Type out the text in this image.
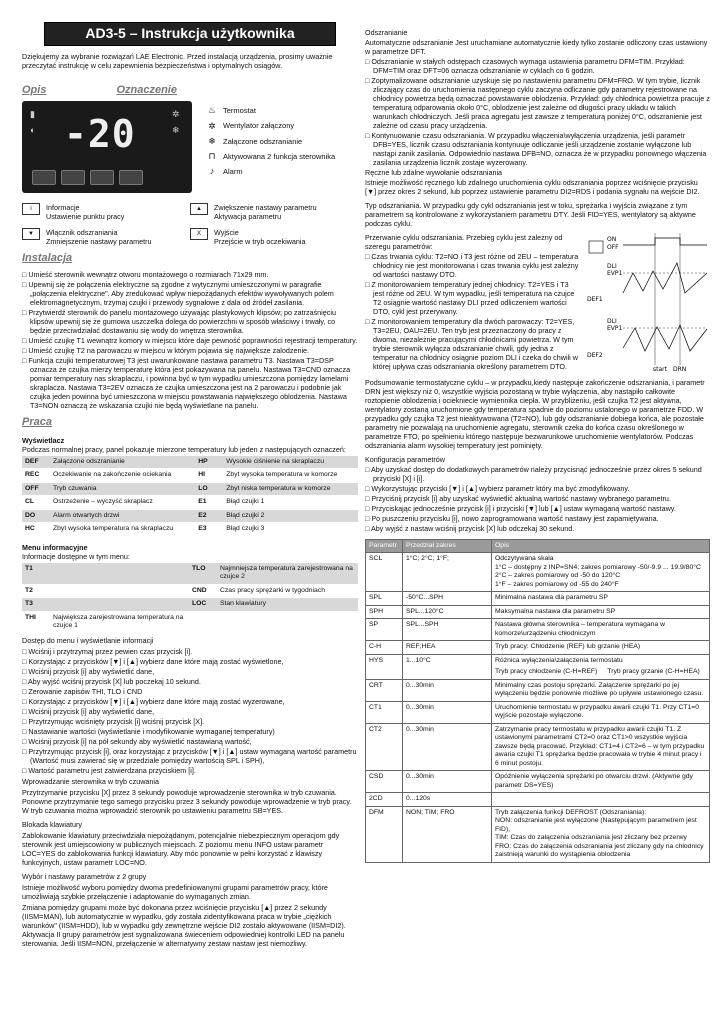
AD3-5 – Instrukcja użytkownika
Dziękujemy za wybranie rozwiązań LAE Electronic. Przed instalacją urządzenia, prosimy uważnie przeczytać instrukcję w celu zapewnienia bezpieczeństwa i optymalnych osiągów.
Opis	Oznaczenie
▮
◐
✲
❄
-20
♨ Termostat
✲ Wentylator załączony
❄ Załączone odszranianie
⊓ Aktywowana 2 funkcja sterownika
♪	Alarm
i	Informacje
Ustawienie punktu pracy
▲	Zwiększenie nastawy parametru
Aktywacja parametru
▼	Włącznik odszraniania
Zmniejszenie nastawy parametru
X	Wyjście
Przejście w tryb oczekiwania
Instalacja
□ Umieść sterownik wewnątrz otworu montażowego o rozmiarach 71x29 mm.
□ Upewnij się że połączenia elektryczne są zgodne z wytycznymi umieszczonymi w paragrafie „połączenia elektryczne". Aby zredukować wpływ niepożądanych efektów wywoływanych polem elektromagnetycznym, trzymaj czujki i przewody sygnałowe z dala od źródeł zasilania.
□ Przytwierdź sterownik do panelu montażowego używając plastykowych klipsów; po zatrzaśnięciu klipsów upewnij się że gumowa uszczelka dolega do powierzchni w sposób właściwy i trwały, co będzie przeciwdziałać dostawaniu się wody do wnętrza sterownika.
□ Umieść czujkę T1 wewnątrz komory w miejscu które daje pewność poprawności rejestracji temperatury.
□ Umieść czujkę T2 na parowaczu w miejscu w którym pojawia się największe zalodzenie.
□ Funkcja czujki temperaturowej T3 jest uwarunkowane nastawa parametru T3. Nastawa T3=DSP oznacza że czujka mierzy temperaturę która jest pokazywana na panelu. Nastawa T3=CND oznacza pomiar temperatury nas skraplaczu, i powinna być w tym wypadku umieszczona pomiędzy lamelami skraplacza. Nastawa T3=2EV oznacza że czujka umieszczona jest na 2 parowaczu i podobnie jak czujka jeden powinna być umieszczona w miejscu powstawania największego oblodzenia. Nastawa T3=NON oznaczą że wskazania czujki nie będą wyświetlane na panelu.
Praca
Wyświetlacz
Podczas normalnej pracy, panel pokazuje mierzone temperatury lub jeden z następujących oznaczeń:
DEF	Załączone odszranianie	HP	Wysokie ciśnienie na skraplaczu
REC	Oczekiwanie na zakończenie ociekania	HI	Zbyt wysoka temperatura w komorze
OFF	Tryb czuwania	LO	Zbyt niska temperatura w komorze
CL	Ostrzeżenie – wyczyść skraplacz	E1	Błąd czujki 1
DO	Alarm otwartych drzwi	E2	Błąd czujki 2
HC	Zbyt wysoka temperatura na skraplaczu	E3	Błąd czujki 3
Menu informacyjne
Informacje dostępne w tym menu:
T1		TLO	Najmniejsza temperatura zarejestrowana na czujce 2
T2		CND	Czas pracy sprężarki w tygodniach
T3		LOC	Stan klawiatury
THI	Największa zarejestrowana temperatura na czujce 1		
Dostęp do menu i wyświetlanie informacji
□ Wciśnij i przytrzymaj przez pewien czas przycisk [i].
□ Korzystając z przycisków [▼] i [▲] wybierz dane które mają zostać wyświetlone,
□ Wciśnij przycisk [i] aby wyświetlić dane,
□ Aby wyjść wciśnij przycisk [X] lub poczekaj 10 sekund.
□ Zerowanie zapisów THI, TLO i CND
□ Korzystając z przycisków [▼] i [▲] wybierz dane które mają zostać wyzerowane,
□ Wciśnij przycisk [i] aby wyświetlić dane,
□ Przytrzymując wciśnięty przycisk [i] wciśnij przycisk [X].
□ Nastawianie wartości (wyświetlanie i modyfikowanie wymaganej temperatury)
□ Wciśnij przycisk [i] na pół sekundy aby wyświetlić nastawianą wartość,
□ Przytrzymując przycisk [i], oraz korzystając z przycisków [▼] i [▲] ustaw wymaganą wartość parametru (Wartość musi zawierać się w przedziale pomiędzy wartością SPL i SPH),
□ Wartość parametru jest zatwierdzana przyciskiem [i].
Wprowadzanie sterownika w tryb czuwania
Przytrzymanie przycisku [X] przez 3 sekundy powoduje wprowadzenie sterownika w tryb czuwania. Ponowne przytrzymanie tego samego przycisku przez 3 sekundy powoduje wprowadzenie w tryb pracy. W tryb czuwania można wprowadzić sterownik po ustawieniu parametru SB=YES.
Blokada klawiatury
Zablokowanie klawiatury przeciwdziała niepożądanym, potencjalnie niebezpiecznym operacjom gdy sterownik jest umiejscowiony w publicznych miejscach. Z poziomu menu INFO ustaw parametr LOC=YES do zablokowania funkcji klawiatury. Aby móc ponownie w pełni korzystać z klawiszy funkcyjnych, ustaw parametr LOC=NO.
Wybór i nastawy parametrów z 2 grupy
Istnieje możliwość wyboru pomiędzy dwoma predefiniowanymi grupami parametrów pracy, które umożliwiają szybkie przełączenie i adaptowanie do wymaganych zmian.
Zmiana pomiędzy grupami może być dokonana przez wciśnięcie przycisku [▲] przez 2 sekundy (IISM=MAN), lub automatycznie w wypadku, gdy została zidentyfikowana praca w trybie „ciężkich warunków" (IISM=HDD), lub w wypadku gdy zewnętrzne wejście DI2 zostało aktywowane (IISM=DI2). Aktywacja II grupy parametrów jest sygnalizowana świeceniem odpowiedniej kontrolki LED na panelu sterowania. Jeśli IISM=NON, przełączenie w alternatywny zestaw nastaw jest niemożliwy.
Odszranianie
Automatyczne odszranianie Jest uruchamiane automatycznie kiedy tylko zostanie odliczony czas ustawiony w parametrze DFT.
□ Odszranianie w stałych odstępach czasowych wymaga ustawienia parametru DFM=TIM. Przykład: DFM=TIM oraz DFT=06 oznacza odszranianie w cyklach co 6 godzin.
□ Zoptymalizowane odszranianie uzyskuje się po nastawieniu parametru DFM=FRO. W tym trybie, licznik zliczający czas do uruchomienia następnego cyklu zaczyna odliczanie gdy parametry rejestrowane na chłodnicy powietrza będą oznaczać powstawanie oblodzenia. Przykład: gdy chłodnica powietrza pracuje z temperaturą odparowania około 0°C, oblodzenie jest zależne od długości pracy układu w takich warunkach chłodniczych. Jeśli praca agregatu jest zawsze z temperaturą poniżej 0°C, odszranienie jest zależne od czasu pracy urządzenia.
□ Kontynuowanie czasu odszraniania. W przypadku włączenia\wyłączenia urządzenia, jeśli parametr DFB=YES, licznik czasu odszraniania kontynuuje odliczanie jeśli urządzenie zostanie wyłączone lub nastąpi zanik zasilania. Odpowiednio nastawa DFB=NO, oznacza że w przypadku ponownego włączenia zasilania urządzenia licznik zostaje wyzerowany.
Ręczne lub zdalne wywołanie odszraniania
Istnieje możliwość ręcznego lub zdalnego uruchomienia cyklu odszraniania poprzez wciśnięcie przycisku [▼] przez okres 2 sekund, lub poprzez ustawienie parametru DI2=RDS i podania sygnału na wejście DI2.
Typ odszraniania. W przypadku gdy cykl odszraniania jest w toku, sprężarka i wyjścia związane z tym parametrem są kontrolowane z wykorzystaniem parametru DTY. Jeśli FID=YES, wentylatory są aktywne podczas cyklu.
ON
OFF
DLI
EVP1
DEF1
DLI
EVP1
DEF2
start DRN
Przerwanie cyklu odszraniania. Przebieg cyklu jest zależny od szeregu parametrów:
□ Czas trwania cyklu: T2=NO i T3 jest różne od 2EU – temperatura chłodnicy nie jest monitorowana i czas trwania cyklu jest zależny od wartości nastawy DTO.
□ Z monitorowaniem temperatury jednej chłodnicy: T2=YES i T3 jest różne od 2EU. W tym wypadku, jeśli temperatura na czujce T2 osiągnie wartość nastawy DLI przed odliczeniem wartości DTO, cykl jest przerywany.
□ Z monitorowaniem temperatury dla dwóch parowaczy: T2=YES, T3=2EU, OAU=2EU. Ten tryb jest przeznaczony do pracy z dwoma, niezależnie pracującymi chłodnicami powietrza. W tym trybie sterownik wyłącza odszranianie chwili, gdy jedna z temperatur na chłodnicy osiągnie poziom DLI i czeka do chwili w której upływa czas odszraniania określony parametrem DTO.
Podsumowanie termostatyczne cyklu – w przypadku,kiedy następuje zakończenie odszraniania, i parametr DRN jest większy niż 0, wszystkie wyjścia pozostaną w trybie wyłączenia, aby nastąpiło całkowite roztopienie oblodzenia i ociekniecie wymiennika ciepła. W przybliżeniu, jeśli czujka T2 jest aktywna, wentylatory zostaną uruchomione gdy temperatura spadnie do poziomu ustalonego w parametrze FDD. W przypadku gdy czujka T2 jest nieaktywowana (T2=NO), lub gdy odszranianie dobiega końca, ale pozostałe parametry nie pozwalają na uruchomienie agregatu, sterownik czeka do końca czasu określonego w parametrze FTO, po spełnieniu którego następuje bezwarunkowe uruchomienie wentylatorów. Podczas odszraniania alarm wysokiej temperatury jest pominięty.
Konfiguracja parametrów
□ Aby uzyskać dostęp do dodatkowych parametrów należy przycisnąć jednocześnie przez okres 5 sekund przyciski [X] i [i].
□ Wykorzystując przyciski [▼] i [▲] wybierz parametr który ma być zmodyfikowany.
□ Przyciśnij przycisk [i] aby uzyskać wyświetlić aktualną wartość nastawy wybranego parametru.
□ Przyciskając jednocześnie przycisk [i] i przyciski [▼] lub [▲] ustaw wymaganą wartość nastawy.
□ Po puszczeniu przycisku [i], nowo zaprogramowana wartość nastawy jest zapamiętywana.
□ Aby wyjść z nastaw wciśnij przycisk [X] lub odczekaj 30 sekund.
Parametr	Przedział zakres	Opis
SCL	1°C; 2°C; 1°F;	Odczytywana skala
1°C – dostępny z INP=SN4; zakres pomiarowy -50/-9.9 ... 19.9/80°C
2°C – zakres pomiarowy od -50 do 120°C
1°F – zakres pomiarowy od -55 do 240°F
SPL	-50°C...SPH	Minimalna nastawa dla parametru SP
SPH	SPL...120°C	Maksymalna nastawa dla parametru SP
SP	SPL...SPH	Nastawa główna sterownika – temperatura wymagana w komorze\urządzeniu chłodniczym
C-H	REF;HEA	Tryb pracy: Chłodzenie (REF) lub grzanie (HEA)
HYS	1...10°C	Różnica wyłączenia\załączenia termostatu
Tryb pracy chłodzenie (C-H=REF) Tryb pracy grzanie (C-H=HEA)

CRT	0...30min	Minimalny czas postoju sprężarki. Załączenie sprężarki po jej wyłączeniu będzie ponownie możliwe po upływie ustawionego czasu.
CT1	0...30min	Uruchomienie termostatu w przypadku awarii czujki T1. Przy CT1=0 wyjście pozostaje wyłączone.
CT2	0...30min	Zatrzymanie pracy termostatu w przypadku awarii czujki T1. Z ustawionymi parametrami CT2=0 oraz CT1>0 wszystkie wyjścia zawsze będą pracować. Przykład: CT1=4 i CT2=6 – w tym przypadku awaria czujki T1 sprężarka będzie pracowała w trybie 4 minut pracy i 6 minut postoju.
CSD	0...30min	Opóźnienie wyłączenia sprężarki po otwarciu drzwi. (Aktywne gdy parametr DS=YES)
2CD	0...120s	
DFM	NON; TIM; FRO	Tryb załączenia funkcji DEFROST (Odszraniania):
NON: odszranianie jest wyłączone (Następującym parametrem jest FID),
TIM: Czas do załączenia odszraniania jest zliczany bez przerwy
FRO: Czas do załączenia odszraniania jest zliczany gdy na chłodnicy zaistnieją warunki do wystąpienia oblodzenia
